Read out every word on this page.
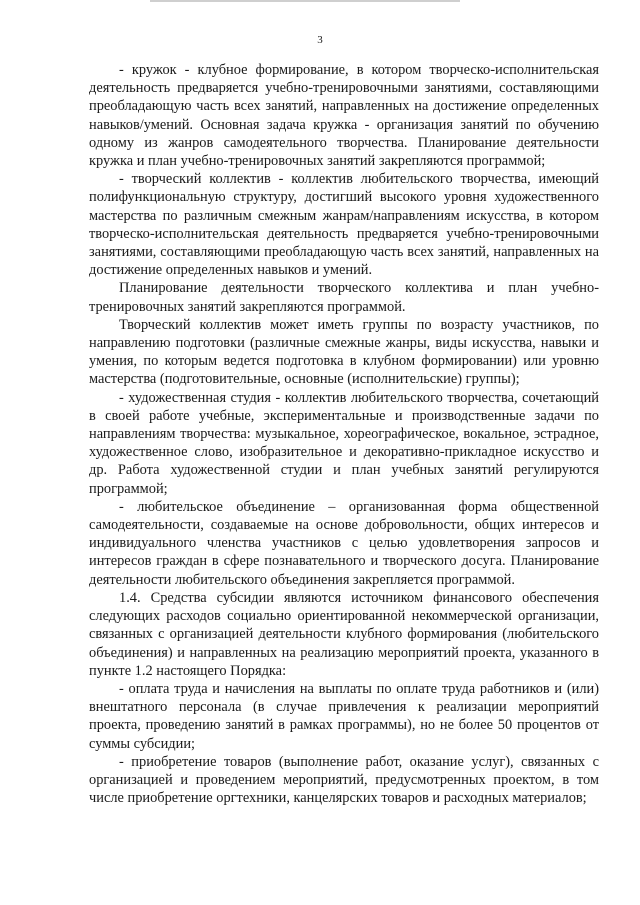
3

- кружок - клубное формирование, в котором творческо-исполнительская деятельность предваряется учебно-тренировочными занятиями, составляющими преобладающую часть всех занятий, направленных на достижение определенных навыков/умений. Основная задача кружка - организация занятий по обучению одному из жанров самодеятельного творчества. Планирование деятельности кружка и план учебно-тренировочных занятий закрепляются программой;

- творческий коллектив - коллектив любительского творчества, имеющий полифункциональную структуру, достигший высокого уровня художественного мастерства по различным смежным жанрам/направлениям искусства, в котором творческо-исполнительская деятельность предваряется учебно-тренировочными занятиями, составляющими преобладающую часть всех занятий, направленных на достижение определенных навыков и умений.

Планирование деятельности творческого коллектива и план учебно-тренировочных занятий закрепляются программой.

Творческий коллектив может иметь группы по возрасту участников, по направлению подготовки (различные смежные жанры, виды искусства, навыки и умения, по которым ведется подготовка в клубном формировании) или уровню мастерства (подготовительные, основные (исполнительские) группы);

- художественная студия - коллектив любительского творчества, сочетающий в своей работе учебные, экспериментальные и производственные задачи по направлениям творчества: музыкальное, хореографическое, вокальное, эстрадное, художественное слово, изобразительное и декоративно-прикладное искусство и др. Работа художественной студии и план учебных занятий регулируются программой;

- любительское объединение – организованная форма общественной самодеятельности, создаваемые на основе добровольности, общих интересов и индивидуального членства участников с целью удовлетворения запросов и интересов граждан в сфере познавательного и творческого досуга. Планирование деятельности любительского объединения закрепляется программой.

1.4. Средства субсидии являются источником финансового обеспечения следующих расходов социально ориентированной некоммерческой организации, связанных с организацией деятельности клубного формирования (любительского объединения) и направленных на реализацию мероприятий проекта, указанного в пункте 1.2 настоящего Порядка:

- оплата труда и начисления на выплаты по оплате труда работников и (или) внештатного персонала (в случае привлечения к реализации мероприятий проекта, проведению занятий в рамках программы), но не более 50 процентов от суммы субсидии;

- приобретение товаров (выполнение работ, оказание услуг), связанных с организацией и проведением мероприятий, предусмотренных проектом, в том числе приобретение оргтехники, канцелярских товаров и расходных материалов;
